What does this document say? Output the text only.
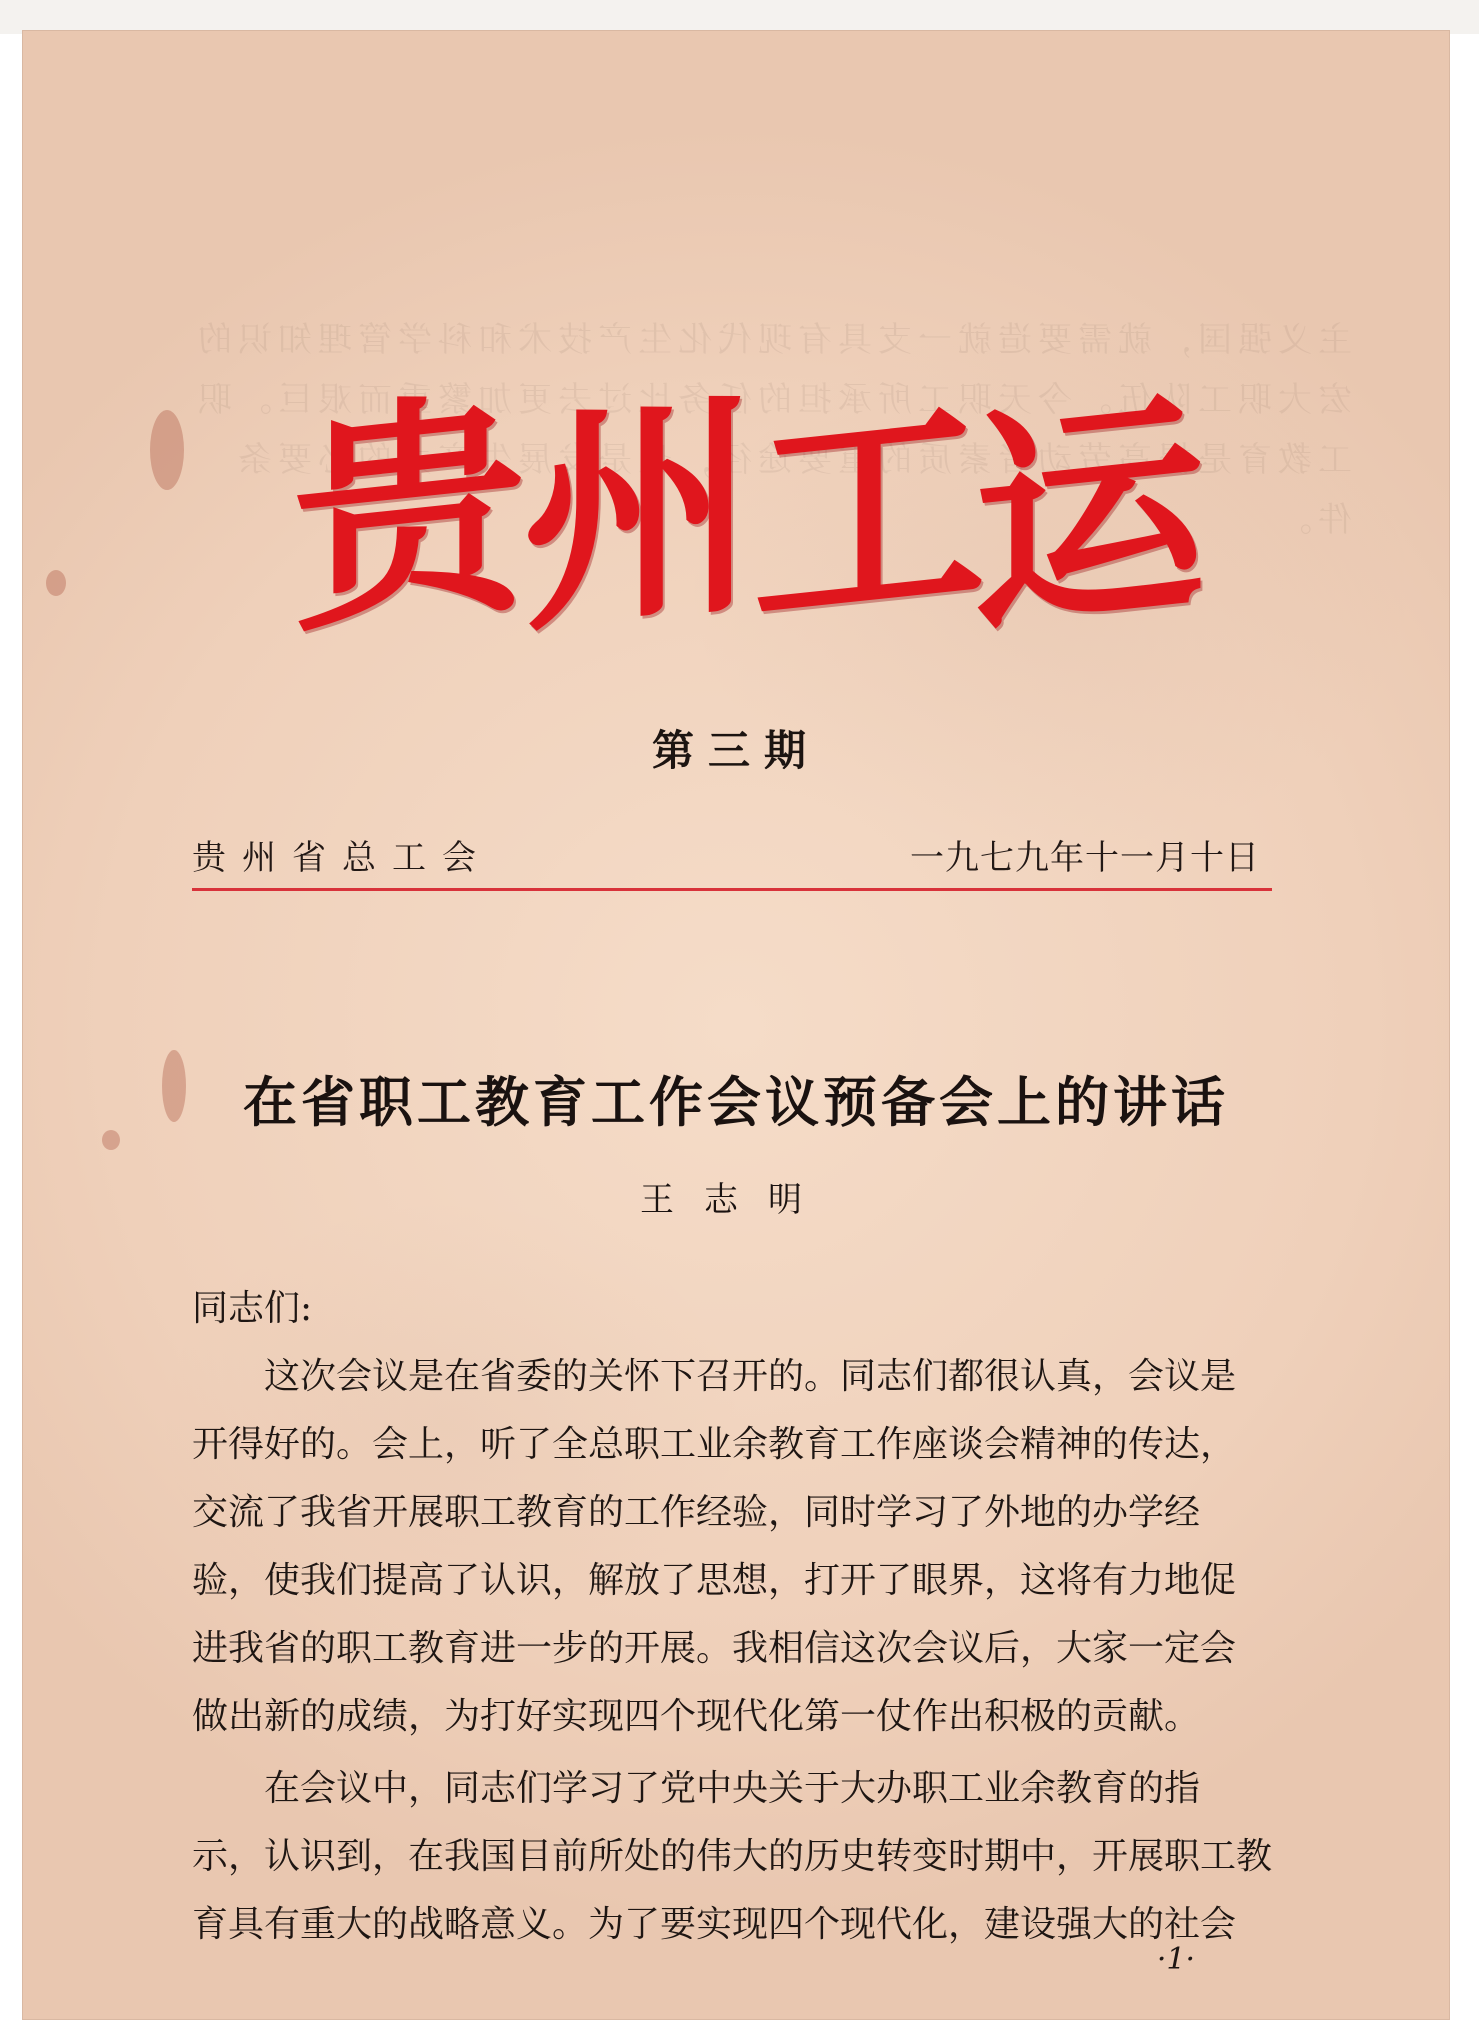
主义强国，就需要造就一支具有现代化生产技术和科学管理知识的宏大职工队伍。今天职工所承担的任务比过去更加繁重而艰巨。职工教育是提高劳动者素质的重要途径，也是发展生产力的必要条件。
贵
州
工
运
第三期
贵州省总工会	一九七九年十一月十日
在省职工教育工作会议预备会上的讲话
王志明

同志们:

这次会议是在省委的关怀下召开的。同志们都很认真，会议是

开得好的。会上，听了全总职工业余教育工作座谈会精神的传达，

交流了我省开展职工教育的工作经验，同时学习了外地的办学经

验，使我们提高了认识，解放了思想，打开了眼界，这将有力地促

进我省的职工教育进一步的开展。我相信这次会议后，大家一定会

做出新的成绩，为打好实现四个现代化第一仗作出积极的贡献。

在会议中，同志们学习了党中央关于大办职工业余教育的指

示，认识到，在我国目前所处的伟大的历史转变时期中，开展职工教

育具有重大的战略意义。为了要实现四个现代化，建设强大的社会

·1·
